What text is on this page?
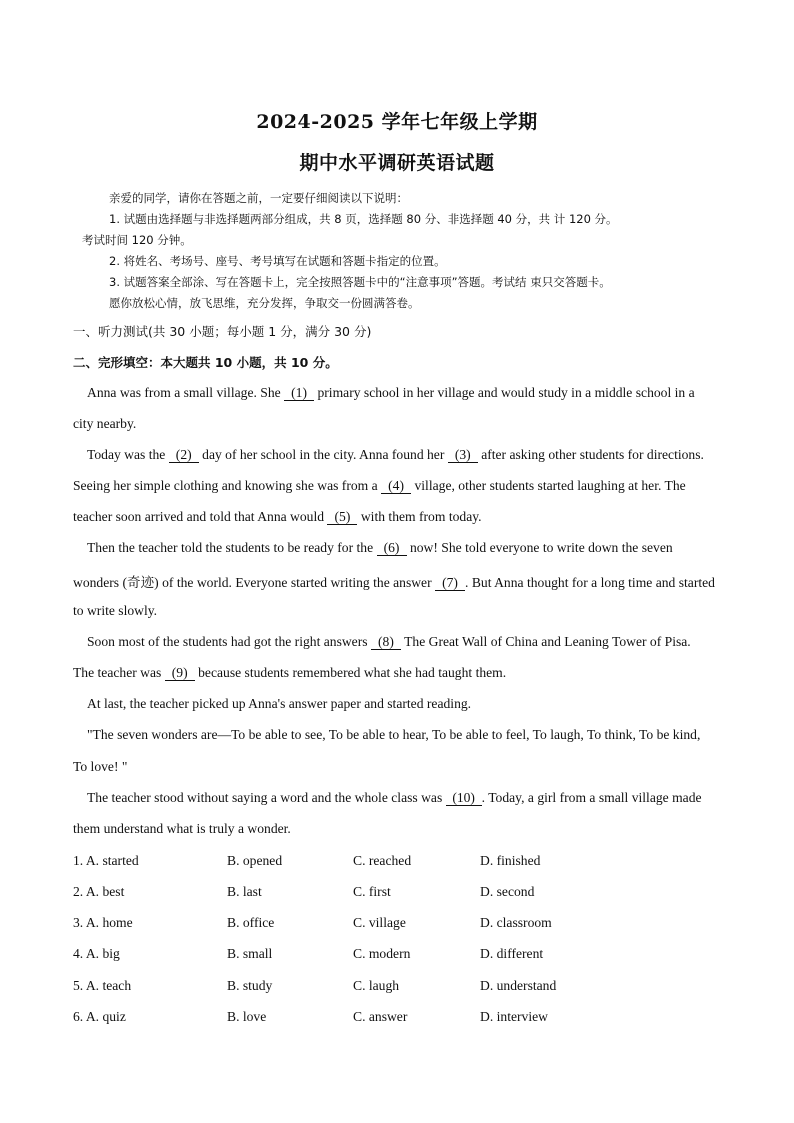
2024-2025 学年七年级上学期
期中水平调研英语试题
亲爱的同学，请你在答题之前，一定要仔细阅读以下说明：
1. 试题由选择题与非选择题两部分组成，共 8 页，选择题 80 分、非选择题 40 分，共 计 120 分。
考试时间 120 分钟。
2. 将姓名、考场号、座号、考号填写在试题和答题卡指定的位置。
3. 试题答案全部涂、写在答题卡上，完全按照答题卡中的“注意事项”答题。考试结 束只交答题卡。
愿你放松心情，放飞思维，充分发挥，争取交一份圆满答卷。
一、听力测试(共 30 小题；每小题 1 分，满分 30 分)
二、完形填空：本大题共 10 小题，共 10 分。
Anna was from a small village. She (1) primary school in her village and would study in a middle school in a
city nearby.
Today was the (2) day of her school in the city. Anna found her (3) after asking other students for directions.
Seeing her simple clothing and knowing she was from a (4) village, other students started laughing at her. The
teacher soon arrived and told that Anna would (5) with them from today.
Then the teacher told the students to be ready for the (6) now! She told everyone to write down the seven
wonders (奇迹) of the world. Everyone started writing the answer (7) . But Anna thought for a long time and started
to write slowly.
Soon most of the students had got the right answers (8) The Great Wall of China and Leaning Tower of Pisa.
The teacher was (9) because students remembered what she had taught them.
At last, the teacher picked up Anna's answer paper and started reading.
"The seven wonders are—To be able to see, To be able to hear, To be able to feel, To laugh, To think, To be kind,
To love! "
The teacher stood without saying a word and the whole class was (10) . Today, a girl from a small village made
them understand what is truly a wonder.
1. A. started	B. opened	C. reached	D. finished
2. A. best	B. last	C. first	D. second
3. A. home	B. office	C. village	D. classroom
4. A. big	B. small	C. modern	D. different
5. A. teach	B. study	C. laugh	D. understand
6. A. quiz	B. love	C. answer	D. interview
